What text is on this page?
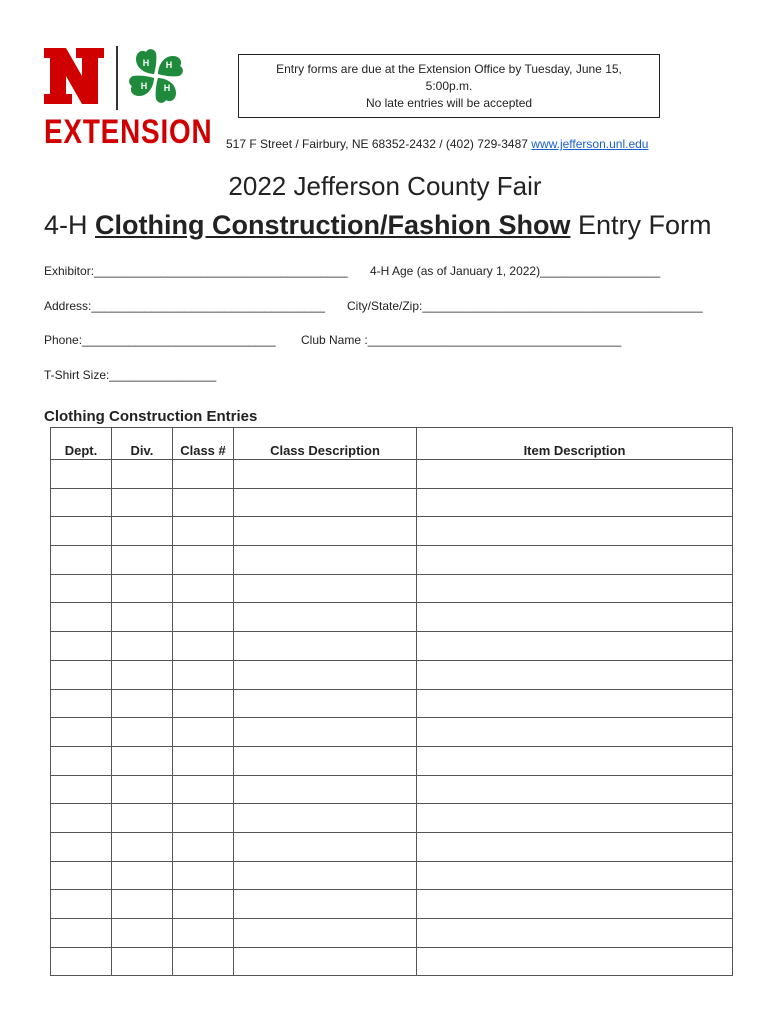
H H
H
H
EXTENSION
Entry forms are due at the Extension Office by Tuesday, June 15,
5:00p.m.
No late entries will be accepted
517 F Street / Fairbury, NE 68352-2432 / (402) 729-3487 www.jefferson.unl.edu
2022 Jefferson County Fair
4-H Clothing Construction/Fashion Show Entry Form
Exhibitor:______________________________________ 4-H Age (as of January 1, 2022)__________________
Address:___________________________________ City/State/Zip:__________________________________________
Phone:_____________________________ Club Name :______________________________________
T-Shirt Size:________________
Clothing Construction Entries
Dept.	Div.	Class #	Class Description	Item Description
